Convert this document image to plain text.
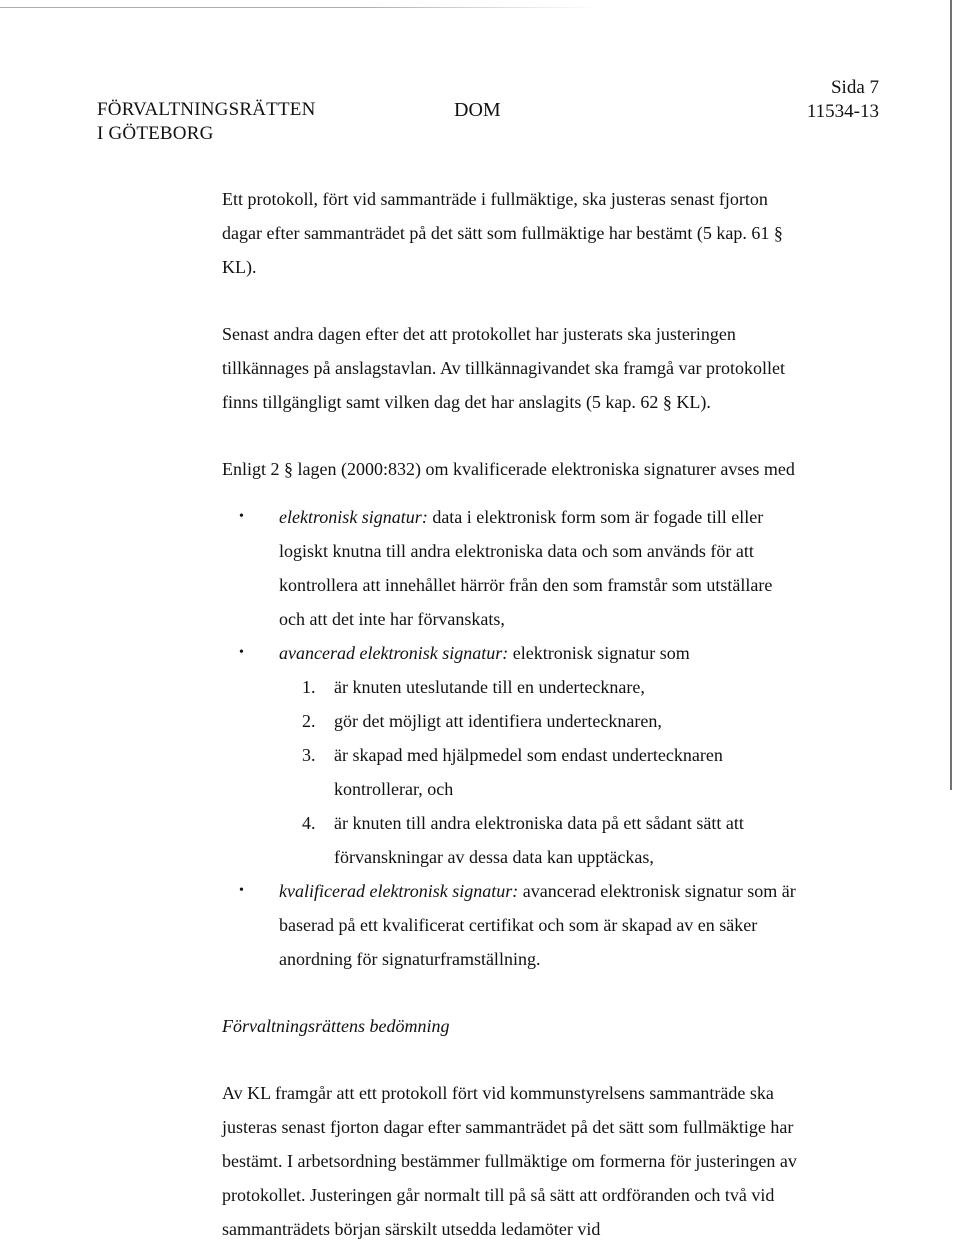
FÖRVALTNINGSRÄTTEN
I GÖTEBORG
DOM
Sida 7
11534-13

Ett protokoll, fört vid sammanträde i fullmäktige, ska justeras senast fjorton dagar efter sammanträdet på det sätt som fullmäktige har bestämt (5 kap. 61 § KL).

Senast andra dagen efter det att protokollet har justerats ska justeringen tillkännages på anslagstavlan. Av tillkännagivandet ska framgå var protokollet finns tillgängligt samt vilken dag det har anslagits (5 kap. 62 § KL).

Enligt 2 § lagen (2000:832) om kvalificerade elektroniska signaturer avses med

• elektronisk signatur: data i elektronisk form som är fogade till eller logiskt knutna till andra elektroniska data och som används för att kontrollera att innehållet härrör från den som framstår som utställare och att det inte har förvanskats,
• avancerad elektronisk signatur: elektronisk signatur som
1. är knuten uteslutande till en undertecknare,
2. gör det möjligt att identifiera undertecknaren,
3. är skapad med hjälpmedel som endast undertecknaren kontrollerar, och
4. är knuten till andra elektroniska data på ett sådant sätt att förvanskningar av dessa data kan upptäckas,
• kvalificerad elektronisk signatur: avancerad elektronisk signatur som är baserad på ett kvalificerat certifikat och som är skapad av en säker anordning för signaturframställning.

Förvaltningsrättens bedömning

Av KL framgår att ett protokoll fört vid kommunstyrelsens sammanträde ska justeras senast fjorton dagar efter sammanträdet på det sätt som fullmäktige har bestämt. I arbetsordning bestämmer fullmäktige om formerna för justeringen av protokollet. Justeringen går normalt till på så sätt att ordföranden och två vid sammanträdets början särskilt utsedda ledamöter vid
